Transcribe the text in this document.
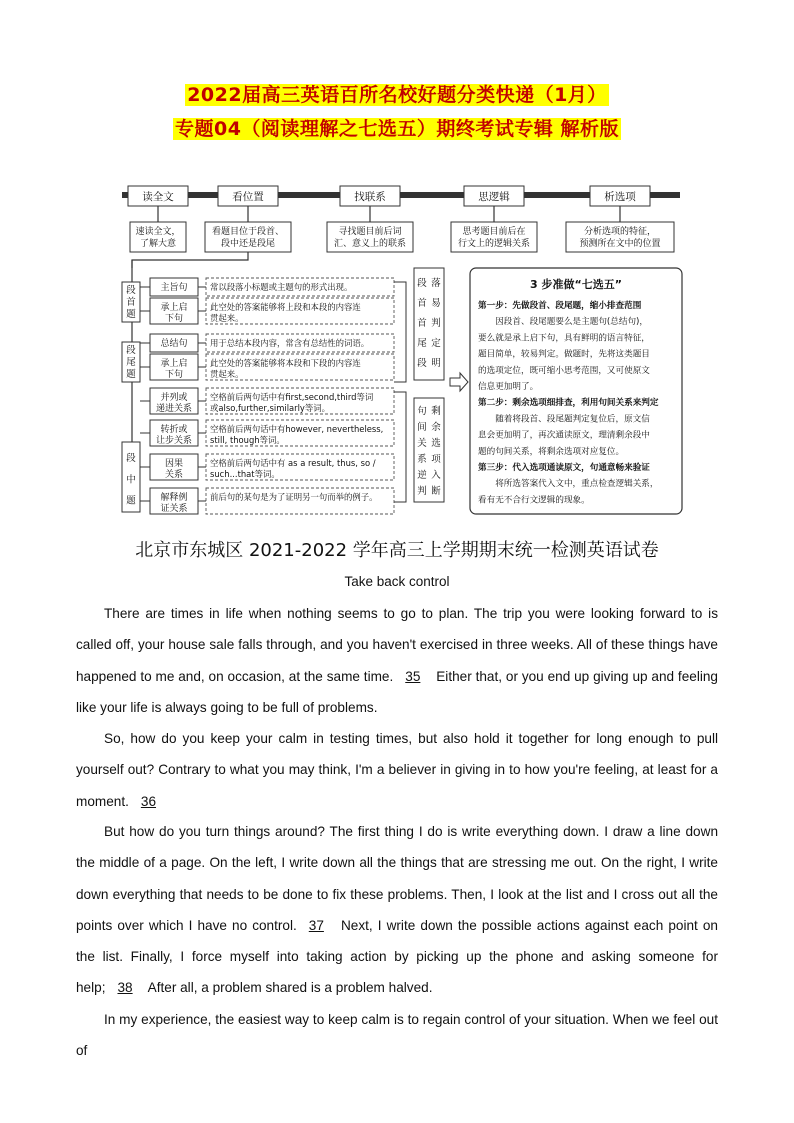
2022届高三英语百所名校好题分类快递（1月）
专题04（阅读理解之七选五）期终考试专辑 解析版
读全文
速读全文，
了解大意
看位置
看题目位于段首、
段中还是段尾
找联系
寻找题目前后词
汇、意义上的联系
思逻辑
思考题目前后在
行文上的逻辑关系
析选项
分析选项的特征，
预测所在文中的位置
段
首
题
段
尾
题
段
中
题
主旨句	常以段落小标题或主题句的形式出现。
承上启
下句
此空处的答案能够将上段和本段的内容连
贯起来。
总结句	用于总结本段内容，常含有总结性的词语。
承上启
下句
此空处的答案能够将本段和下段的内容连
贯起来。
并列或
递进关系
空格前后两句话中有first,second,third等词
或also,further,similarly等词。
转折或
让步关系
空格前后两句话中有however, nevertheless,
still, though等词。
因果
关系
空格前后两句话中有 as a result, thus, so /
such...that等词。
解释例
证关系
前后句的某句是为了证明另一句而举的例子。
段
首
首
尾
段
落
易
判
定
明
句 剩
间 余
关 选
系 项
逆 入
判 断
3 步准做“七选五”
第一步：先做段首、段尾题，缩小排查范围
　　因段首、段尾题要么是主题句(总结句)，
要么就是承上启下句，具有鲜明的语言特征，
题目简单，较易判定。做题时，先将这类题目
的选项定位，既可缩小思考范围，又可使原文
信息更加明了。
第二步：剩余选项细排查，利用句间关系来判定
　　随着将段首、段尾题判定复位后，原文信
息会更加明了，再次通读原文，理清剩余段中
题的句间关系，将剩余选项对应复位。
第三步：代入选项通读原文，句通意畅来验证
　　将所选答案代入文中，重点检查逻辑关系，
看有无不合行文逻辑的现象。
北京市东城区 2021-2022 学年高三上学期期末统一检测英语试卷
Take back control

There are times in life when nothing seems to go to plan. The trip you were looking forward to is called off, your house sale falls through, and you haven't exercised in three weeks. All of these things have happened to me and, on occasion, at the same time. 35 Either that, or you end up giving up and feeling like your life is always going to be full of problems.

So, how do you keep your calm in testing times, but also hold it together for long enough to pull yourself out? Contrary to what you may think, I'm a believer in giving in to how you're feeling, at least for a moment. 36

But how do you turn things around? The first thing I do is write everything down. I draw a line down the middle of a page. On the left, I write down all the things that are stressing me out. On the right, I write down everything that needs to be done to fix these problems. Then, I look at the list and I cross out all the points over which I have no control. 37 Next, I write down the possible actions against each point on the list. Finally, I force myself into taking action by picking up the phone and asking someone for help; 38 After all, a problem shared is a problem halved.

In my experience, the easiest way to keep calm is to regain control of your situation. When we feel out of
